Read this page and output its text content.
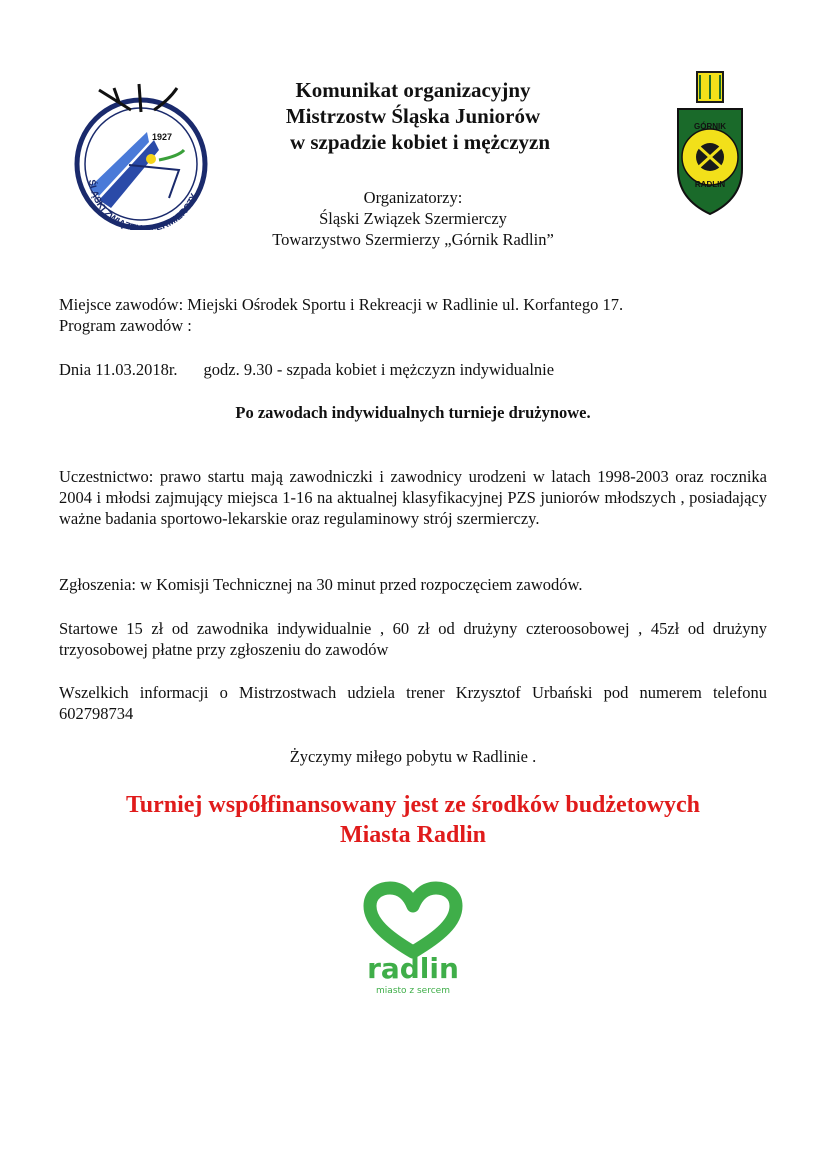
1927
ŚLĄSKI ZWIĄZEK SZERMIERCZY
GÓRNIK
RADLIN
Komunikat organizacyjny
Mistrzostw Śląska Juniorów
w szpadzie kobiet i mężczyzn
Organizatorzy:
Śląski Związek Szermierczy
Towarzystwo Szermierzy „Górnik Radlin”
Miejsce zawodów: Miejski Ośrodek Sportu i Rekreacji w Radlinie ul. Korfantego 17.
Program zawodów :
Dnia 11.03.2018r. godz. 9.30 - szpada kobiet i mężczyzn indywidualnie
Po zawodach indywidualnych turnieje drużynowe.
Uczestnictwo: prawo startu mają zawodniczki i zawodnicy urodzeni w latach 1998-2003 oraz rocznika 2004 i młodsi zajmujący miejsca 1-16 na aktualnej klasyfikacyjnej PZS juniorów młodszych , posiadający ważne badania sportowo-lekarskie oraz regulaminowy strój szermierczy.
Zgłoszenia: w Komisji Technicznej na 30 minut przed rozpoczęciem zawodów.
Startowe 15 zł od zawodnika indywidualnie , 60 zł od drużyny czteroosobowej , 45zł od drużyny trzyosobowej płatne przy zgłoszeniu do zawodów
Wszelkich informacji o Mistrzostwach udziela trener Krzysztof Urbański pod numerem telefonu 602798734
Życzymy miłego pobytu w Radlinie .
Turniej współfinansowany jest ze środków budżetowych
Miasta Radlin
radlin
miasto z sercem
